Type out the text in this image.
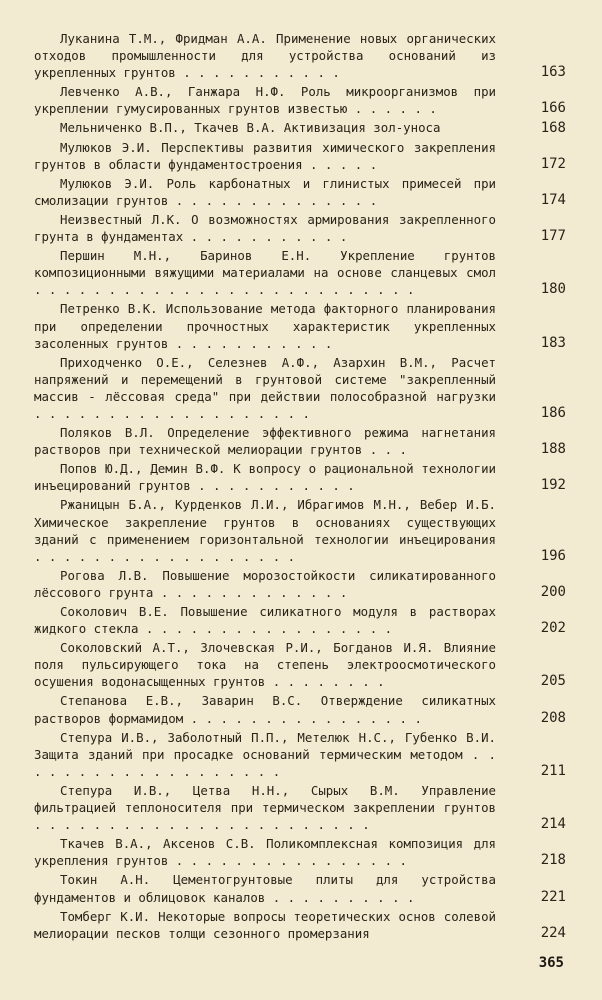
Луканина Т.М., Фридман А.А. Применение новых органических отходов промышленности для устройства оснований из укрепленных грунтов . . . . . . . . . . .	163
Левченко А.В., Ганжара Н.Ф. Роль микроорганизмов при укреплении гумусированных грунтов известью . . . . . .	166
Мельниченко В.П., Ткачев В.А. Активизация зол-уноса	168
Мулюков Э.И. Перспективы развития химического закрепления грунтов в области фундаментостроения . . . . .	172
Мулюков Э.И. Роль карбонатных и глинистых примесей при смолизации грунтов . . . . . . . . . . . . . .	174
Неизвестный Л.К. О возможностях армирования закрепленного грунта в фундаментах . . . . . . . . . . .	177
Першин М.Н., Баринов Е.Н. Укрепление грунтов композиционными вяжущими материалами на основе сланцевых смол . . . . . . . . . . . . . . . . . . . . . . . . . .	180
Петренко В.К. Использование метода факторного планирования при определении прочностных характеристик укрепленных засоленных грунтов . . . . . . . . . . .	183
Приходченко О.Е., Селезнев А.Ф., Азархин В.М., Расчет напряжений и перемещений в грунтовой системе "закрепленный массив - лёссовая среда" при действии полособразной нагрузки . . . . . . . . . . . . . . . . . . .	186
Поляков В.Л. Определение эффективного режима нагнетания растворов при технической мелиорации грунтов . . .	188
Попов Ю.Д., Демин В.Ф. К вопросу о рациональной технологии инъецирований грунтов . . . . . . . . . . .	192
Ржаницын Б.А., Курденков Л.И., Ибрагимов М.Н., Вебер И.Б. Химическое закрепление грунтов в основаниях существующих зданий с применением горизонтальной технологии инъецирования . . . . . . . . . . . . . . . . . .	196
Рогова Л.В. Повышение морозостойкости силикатированного лёссового грунта . . . . . . . . . . . . .	200
Соколович В.Е. Повышение силикатного модуля в растворах жидкого стекла . . . . . . . . . . . . . . . . .	202
Соколовский А.Т., Злочевская Р.И., Богданов И.Я. Влияние поля пульсирующего тока на степень электроосмотического осушения водонасыщенных грунтов . . . . . . . .	205
Степанова Е.В., Заварин В.С. Отверждение силикатных растворов формамидом . . . . . . . . . . . . . . . .	208
Степура И.В., Заболотный П.П., Метелюк Н.С., Губенко В.И. Защита зданий при просадке оснований термическим методом . . . . . . . . . . . . . . . . . . .	211
Степура И.В., Цетва Н.Н., Сырых В.М. Управление фильтрацией теплоносителя при термическом закреплении грунтов . . . . . . . . . . . . . . . . . . . . . . .	214
Ткачев В.А., Аксенов С.В. Поликомплексная композиция для укрепления грунтов . . . . . . . . . . . . . . . .	218
Токин А.Н. Цементогрунтовые плиты для устройства фундаментов и облицовок каналов . . . . . . . . . .	221
Томберг К.И. Некоторые вопросы теоретических основ солевой мелиорации песков толщи сезонного промерзания	224
365
